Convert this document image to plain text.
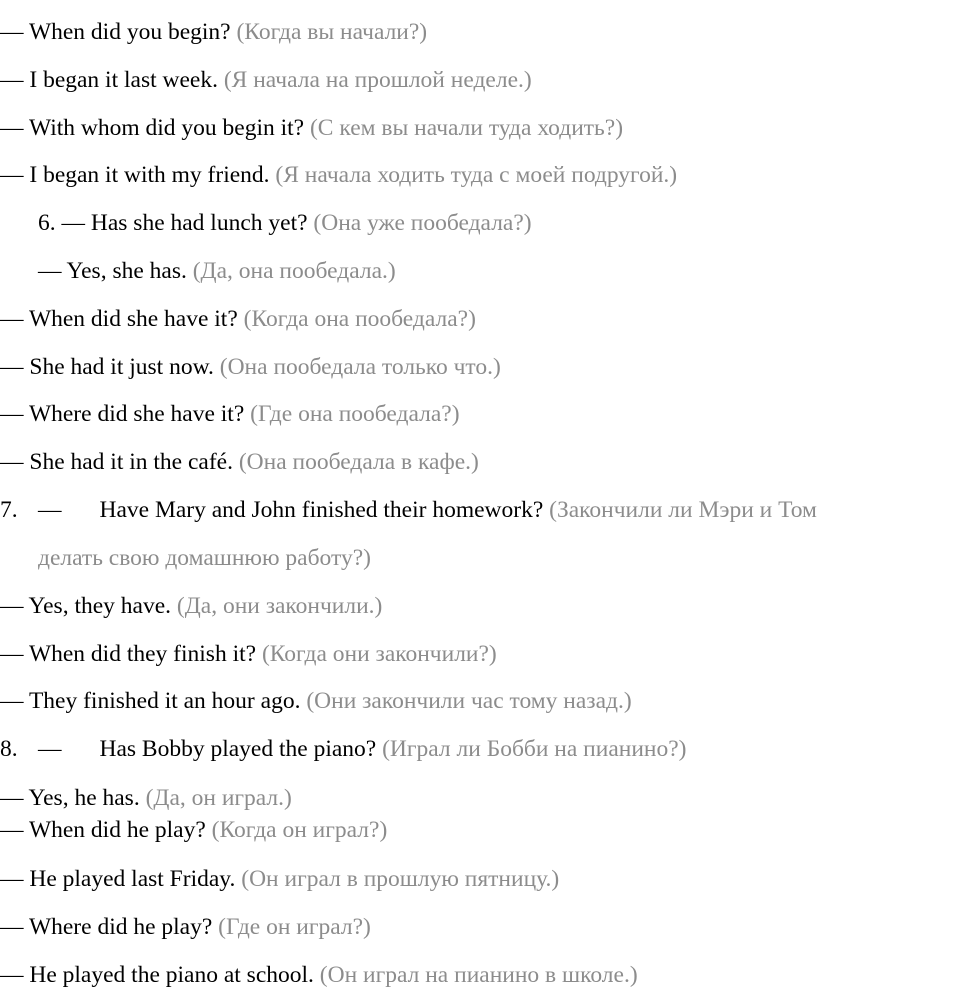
— When did you begin? (Когда вы начали?)
— I began it last week. (Я начала на прошлой неделе.)
— With whom did you begin it? (С кем вы начали туда ходить?)
— I began it with my friend. (Я начала ходить туда с моей подругой.)
6. — Has she had lunch yet? (Она уже пообедала?)
— Yes, she has. (Да, она пообедала.)
— When did she have it? (Когда она пообедала?)
— She had it just now. (Она пообедала только что.)
— Where did she have it? (Где она пообедала?)
— She had it in the café. (Она пообедала в кафе.)
7. — Have Mary and John finished their homework? (Закончили ли Мэри и Том
делать свою домашнюю работу?)
— Yes, they have. (Да, они закончили.)
— When did they finish it? (Когда они закончили?)
— They finished it an hour ago. (Они закончили час тому назад.)
8. — Has Bobby played the piano? (Играл ли Бобби на пианино?)
— Yes, he has. (Да, он играл.)
— When did he play? (Когда он играл?)
— He played last Friday. (Он играл в прошлую пятницу.)
— Where did he play? (Где он играл?)
— He played the piano at school. (Он играл на пианино в школе.)
